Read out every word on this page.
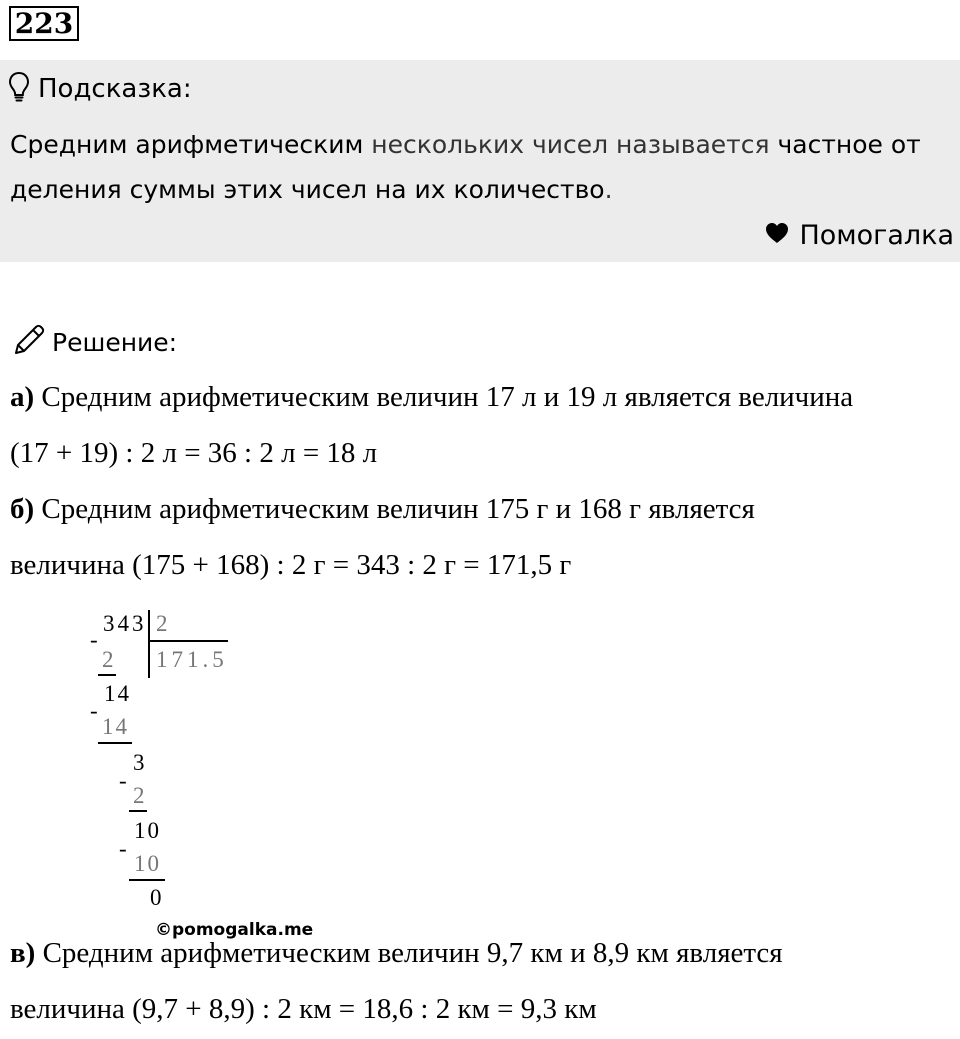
223
Подсказка:
Средним арифметическим нескольких чисел называется частное от деления суммы этих чисел на их количество.
Помогалка
Решение:
а) Средним арифметическим величин 17 л и 19 л является величина
(17 + 19) : 2 л = 36 : 2 л = 18 л
б) Средним арифметическим величин 175 г и 168 г является
величина (175 + 168) : 2 г = 343 : 2 г = 171,5 г
343 2
171.5
-
2
14
-
14
3
-
2
10
-
10
0
©pomogalka.me
в) Средним арифметическим величин 9,7 км и 8,9 км является
величина (9,7 + 8,9) : 2 км = 18,6 : 2 км = 9,3 км
